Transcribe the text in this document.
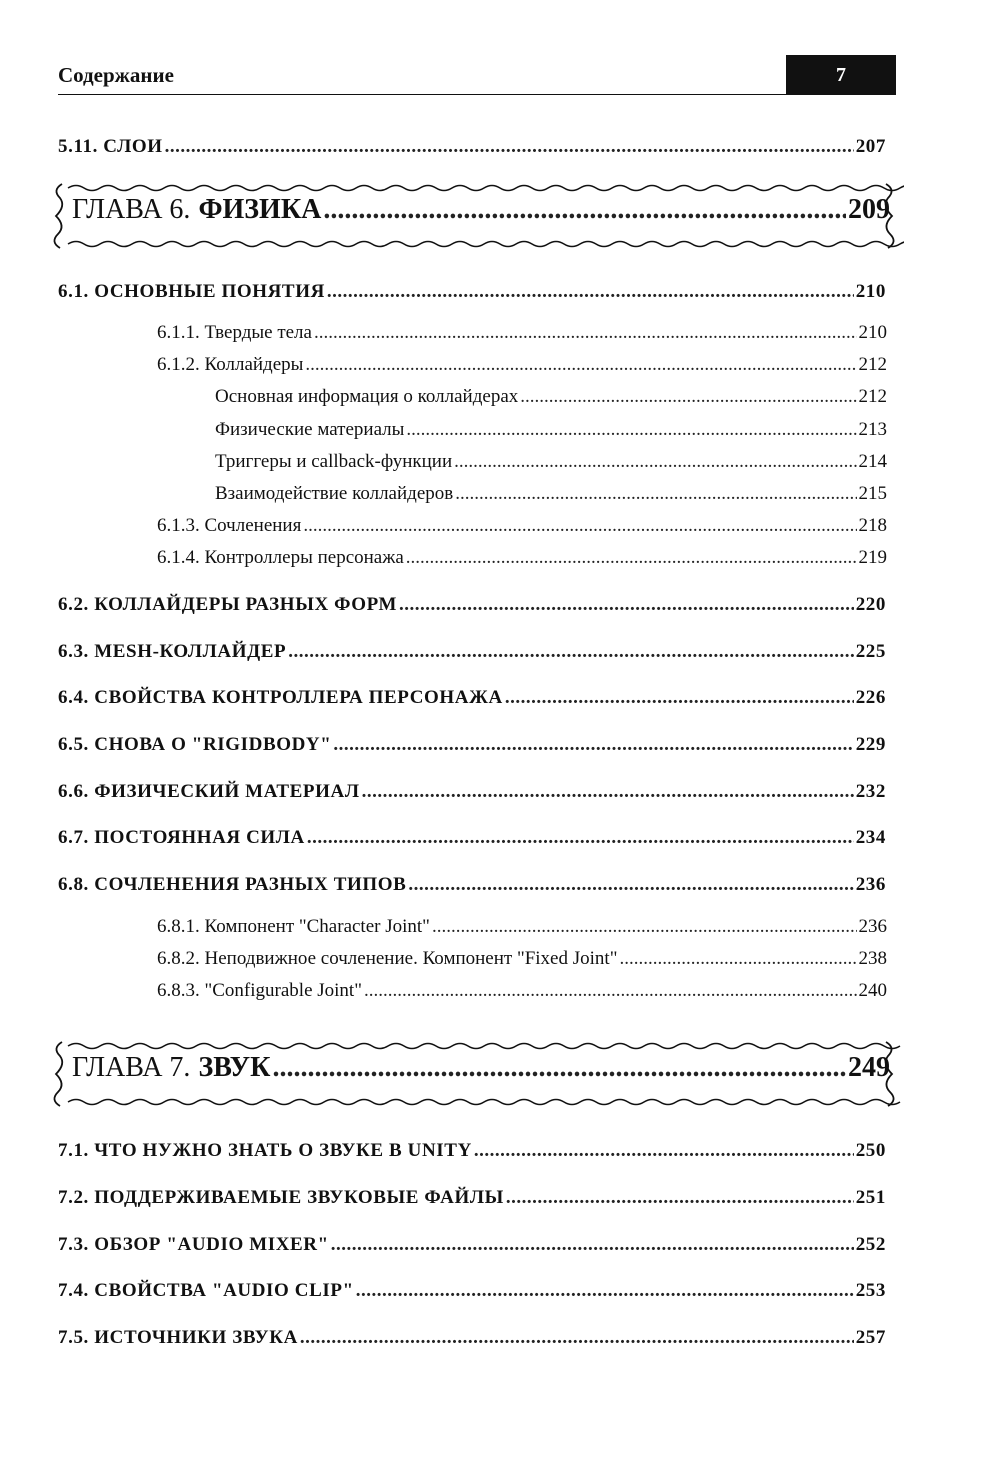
Содержание	7
5.11. СЛОИ .....	207
ГЛАВА 6. ФИЗИКА .....	209
6.1. ОСНОВНЫЕ ПОНЯТИЯ .....	210
6.1.1. Твердые тела .....	210
6.1.2. Коллайдеры .....	212
Основная информация о коллайдерах .....	212
Физические материалы .....	213
Триггеры и callback-функции .....	214
Взаимодействие коллайдеров .....	215
6.1.3. Сочленения .....	218
6.1.4. Контроллеры персонажа .....	219
6.2. КОЛЛАЙДЕРЫ РАЗНЫХ ФОРМ .....	220
6.3. MESH-КОЛЛАЙДЕР .....	225
6.4. СВОЙСТВА КОНТРОЛЛЕРА ПЕРСОНАЖА .....	226
6.5. СНОВА О "RIGIDBODY" .....	229
6.6. ФИЗИЧЕСКИЙ МАТЕРИАЛ .....	232
6.7. ПОСТОЯННАЯ СИЛА .....	234
6.8. СОЧЛЕНЕНИЯ РАЗНЫХ ТИПОВ .....	236
6.8.1. Компонент "Character Joint" .....	236
6.8.2. Неподвижное сочленение. Компонент "Fixed Joint" .....	238
6.8.3. "Configurable Joint" .....	240
ГЛАВА 7. ЗВУК .....	249
7.1. ЧТО НУЖНО ЗНАТЬ О ЗВУКЕ В UNITY .....	250
7.2. ПОДДЕРЖИВАЕМЫЕ ЗВУКОВЫЕ ФАЙЛЫ .....	251
7.3. ОБЗОР "AUDIO MIXER" .....	252
7.4. СВОЙСТВА "AUDIO CLIP" .....	253
7.5. ИСТОЧНИКИ ЗВУКА .....	257
